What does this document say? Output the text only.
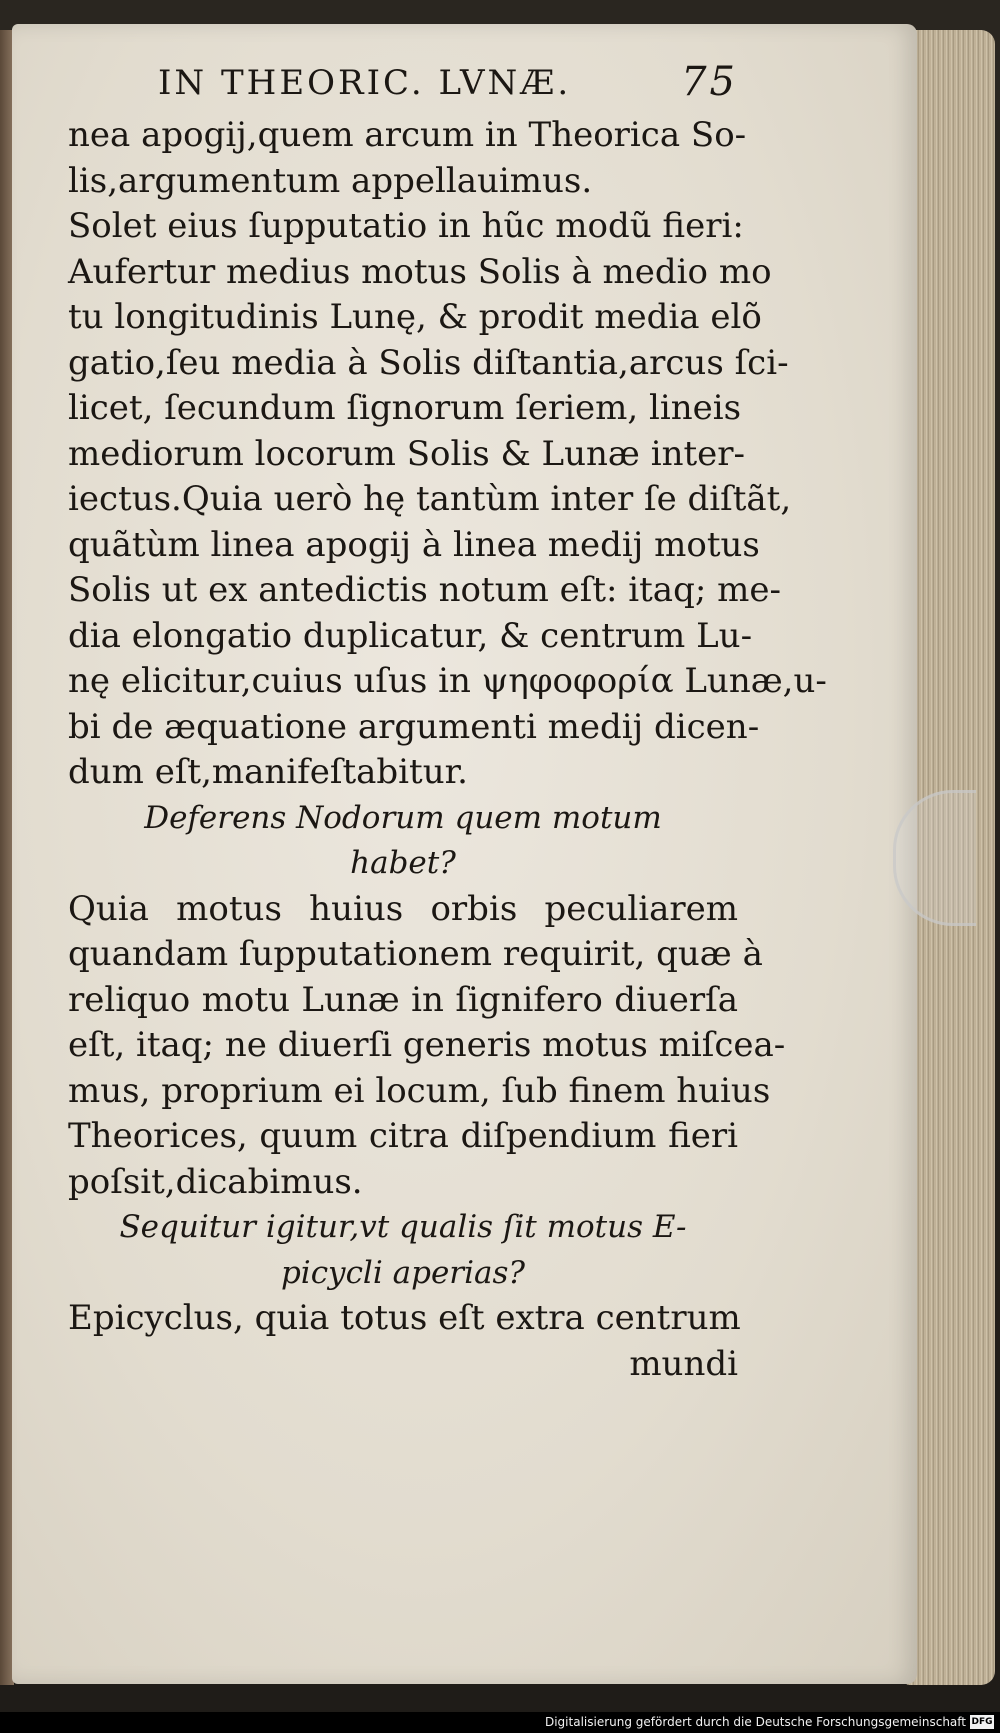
IN THEORIC. LVNÆ.	75
nea apogij,quem arcum in Theorica So-
lis,argumentum appellauimus.
Solet eius ſupputatio in hũc modũ fieri:
Aufertur medius motus Solis à medio mo
tu longitudinis Lunę, & prodit media elõ
gatio,ſeu media à Solis diſtantia,arcus ſci-
licet, ſecundum ſignorum ſeriem, lineis
mediorum locorum Solis & Lunæ inter-
iectus.Quia uerò hę tantùm inter ſe diſtãt,
quãtùm linea apogij à linea medij motus
Solis ut ex antedictis notum eſt: itaq; me-
dia elongatio duplicatur, & centrum Lu-
nę elicitur,cuius uſus in ψηφοφορία Lunæ,u-
bi de æquatione argumenti medij dicen-
dum eſt,manifeſtabitur.
Deferens Nodorum quem motum
habet?
Quia motus huius orbis peculiarem
quandam ſupputationem requirit, quæ à
reliquo motu Lunæ in ſignifero diuerſa
eſt, itaq; ne diuerſi generis motus miſcea-
mus, proprium ei locum, ſub finem huius
Theorices, quum citra diſpendium fieri
poſsit,dicabimus.
Sequitur igitur,vt qualis ſit motus E-
picycli aperias?
Epicyclus, quia totus eſt extra centrum
mundi
Digitalisierung gefördert durch die Deutsche Forschungsgemeinschaft DFG
